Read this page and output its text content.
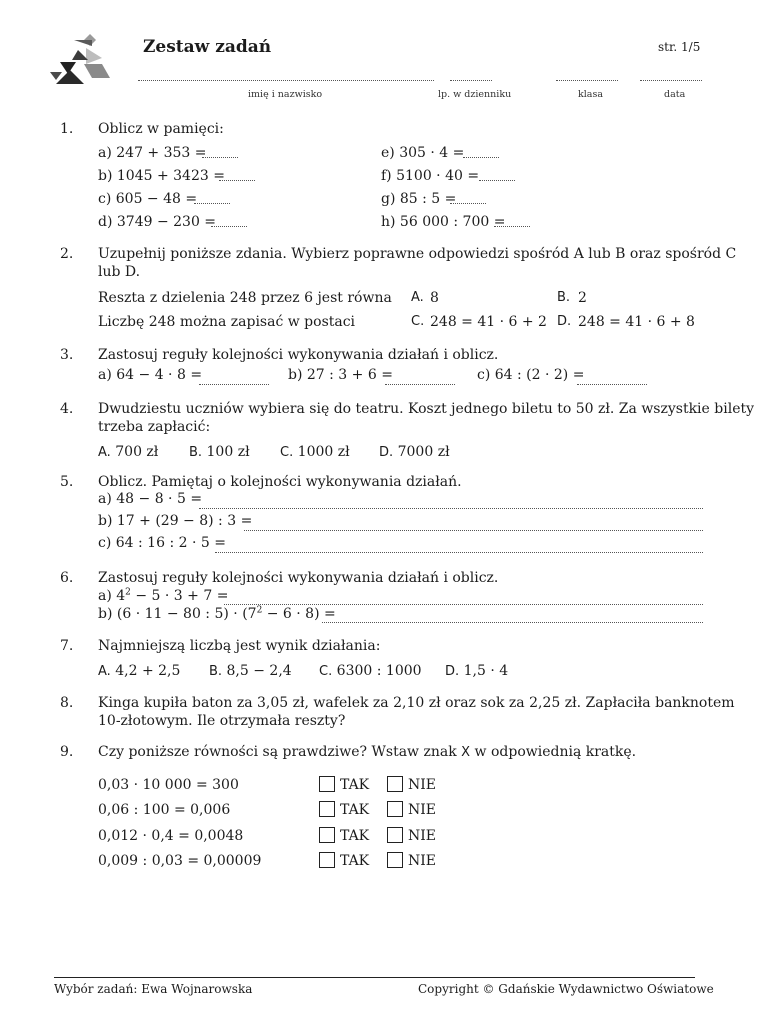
Zestaw zadań	str. 1/5
imię i nazwisko	lp. w dzienniku	klasa	data
1. Oblicz w pamięci:
a) 247 + 353 =
b) 1045 + 3423 =
c) 605 − 48 =
d) 3749 − 230 =
e) 305 · 4 =
f) 5100 · 40 =
g) 85 : 5 =
h) 56 000 : 700 =
2. Uzupełnij poniższe zdania. Wybierz poprawne odpowiedzi spośród A lub B oraz spośród C
lub D.
Reszta z dzielenia 248 przez 6 jest równa A. 8	B. 2
Liczbę 248 można zapisać w postaci	C. 248 = 41 · 6 + 2 D. 248 = 41 · 6 + 8
3. Zastosuj reguły kolejności wykonywania działań i oblicz.
a) 64 − 4 · 8 =	b) 27 : 3 + 6 =	c) 64 : (2 · 2) =
4. Dwudziestu uczniów wybiera się do teatru. Koszt jednego biletu to 50 zł. Za wszystkie bilety
trzeba zapłacić:
A. 700 zł B. 100 zł C. 1000 zł D. 7000 zł
5. Oblicz. Pamiętaj o kolejności wykonywania działań.
a) 48 − 8 · 5 =
b) 17 + (29 − 8) : 3 =
c) 64 : 16 : 2 · 5 =
6. Zastosuj reguły kolejności wykonywania działań i oblicz.
a) $4^2 - 5 \cdot 3 + 7$ =
b) (6 · 11 − 80 : $5) \cdot (7^2 - 6 \cdot 8)$ =
7. Najmniejszą liczbą jest wynik działania:
A. 4,2 + 2,5 B. 8,5 − 2,4 C. 6300 : 1000 D. 1,5 · 4
8. Kinga kupiła baton za 3,05 zł, wafelek za 2,10 zł oraz sok za 2,25 zł. Zapłaciła banknotem
10-złotowym. Ile otrzymała reszty?
9. Czy poniższe równości są prawdziwe? Wstaw znak X w odpowiednią kratkę.
0,03 · 10 000 = 300	TAK	NIE
0,06 : 100 = 0,006	TAK	NIE
0,012 · 0,4 = 0,0048	TAK	NIE
0,009 : 0,03 = 0,00009	TAK	NIE
Wybór zadań: Ewa Wojnarowska	Copyright © Gdańskie Wydawnictwo Oświatowe
